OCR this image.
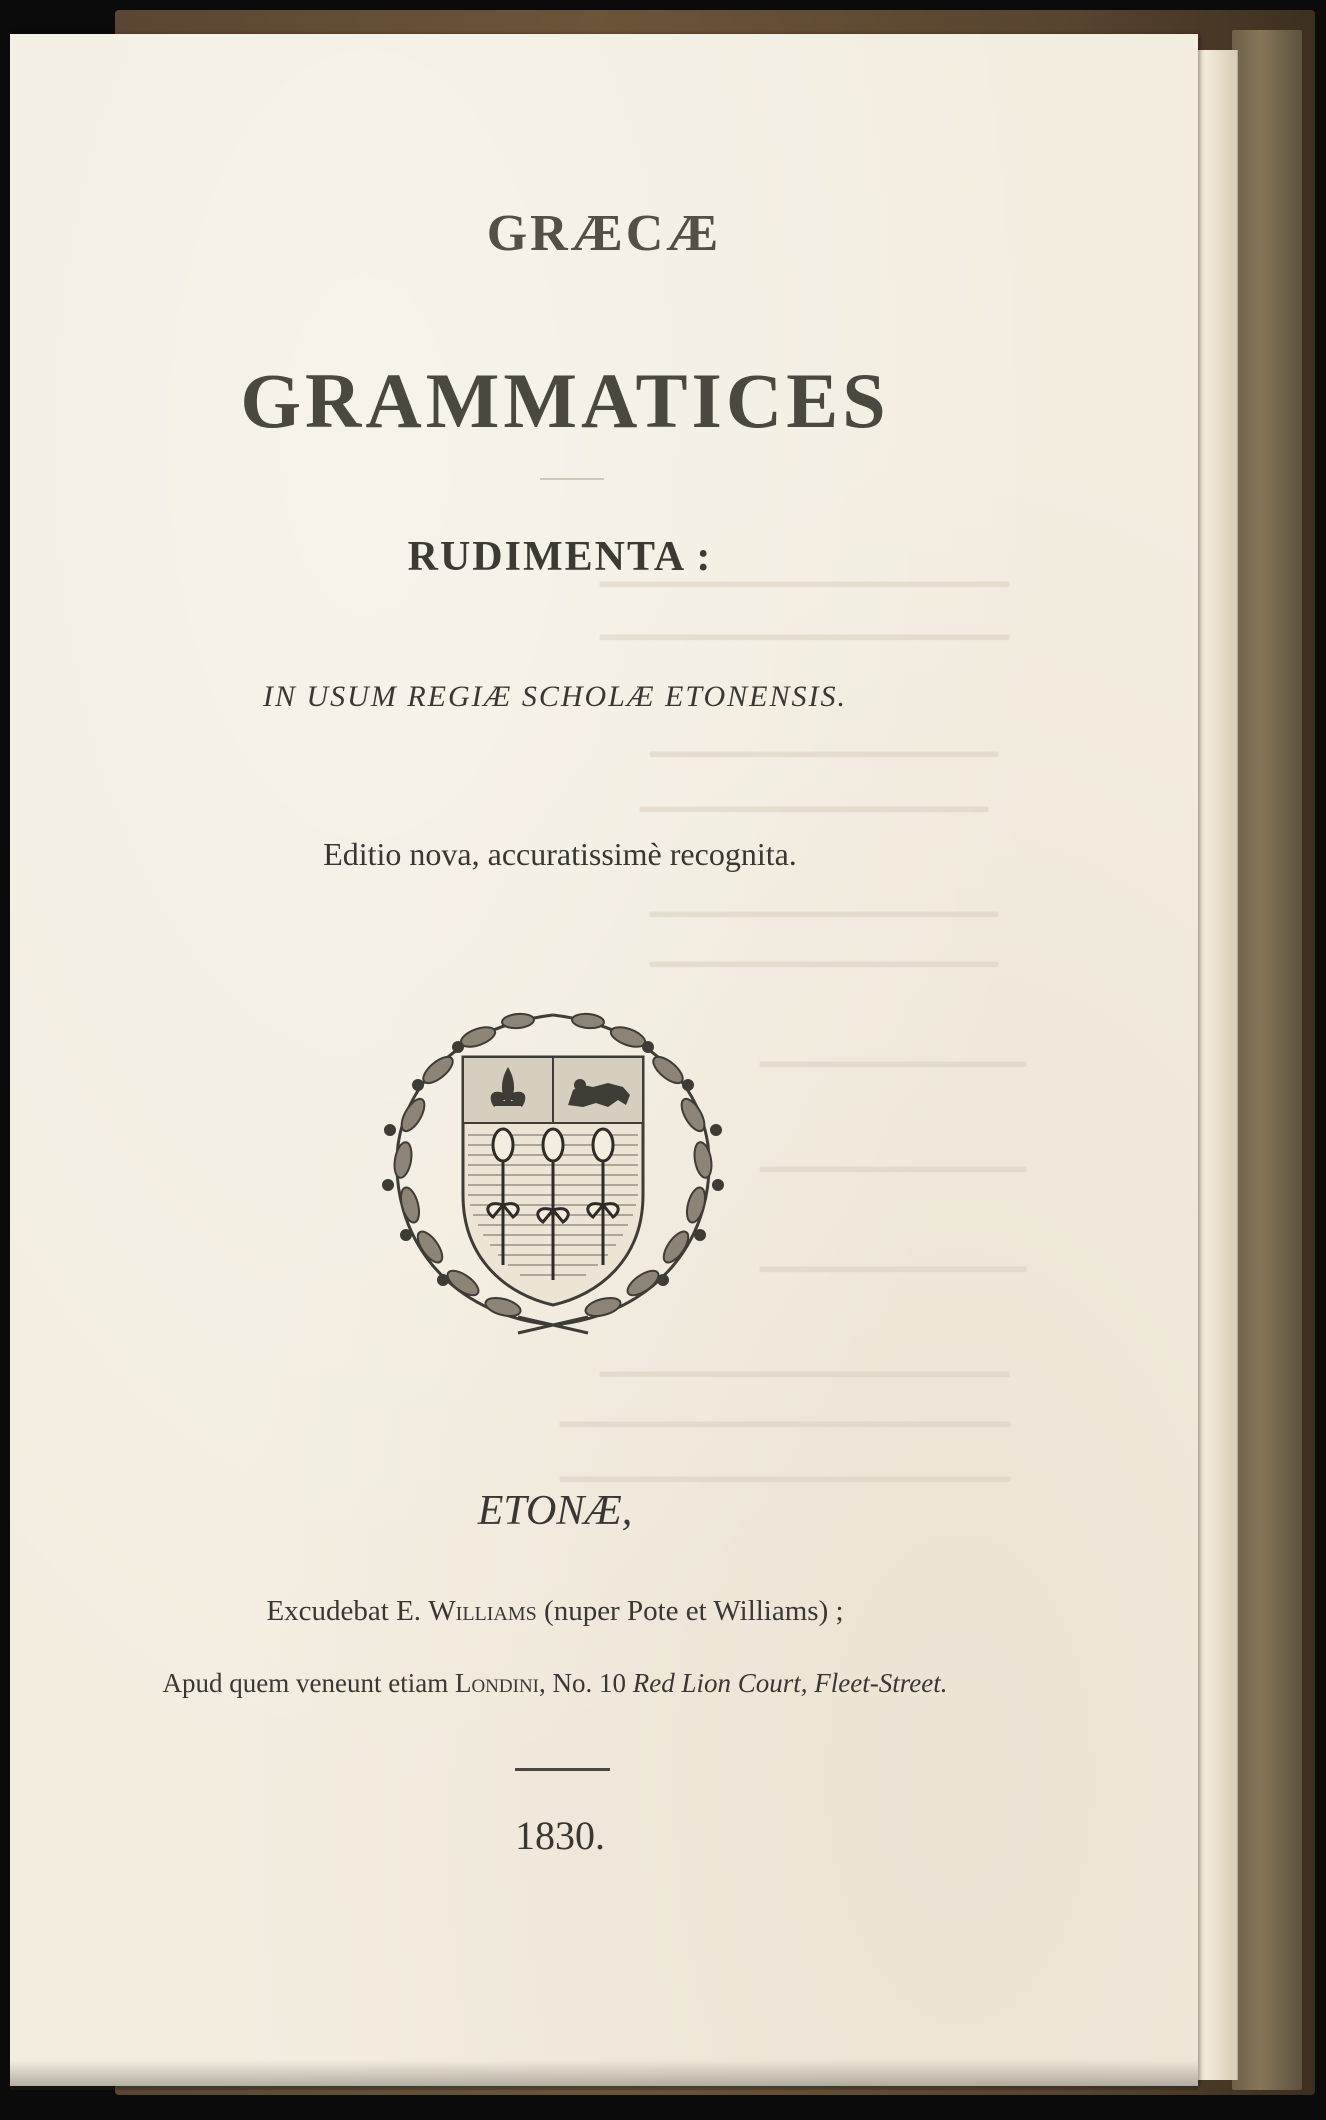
━━━━━━━━━━━━━━━━━━━━
━━━━━━━━━━━━━━━━━━━━
━━━━━━━━━━━━━━━━━
━━━━━━━━━━━━━━━━━
━━━━━━━━━━━━━━━━━
━━━━━━━━━━━━━━━━━
━━━━━━━━━━━━━
━━━━━━━━━━━━━
━━━━━━━━━━━━━
━━━━━━━━━━━━━━━━━━━━
━━━━━━━━━━━━━━━━━━━━━━
━━━━━━━━━━━━━━━━━━━━━━
GRÆCÆ
GRAMMATICES
RUDIMENTA :

IN USUM REGIÆ SCHOLÆ ETONENSIS.

Editio nova, accuratissimè recognita.

ETONÆ,

Excudebat E. Williams (nuper Pote et Williams) ;

Apud quem veneunt etiam Londini, No. 10 Red Lion Court, Fleet-Street.

1830.
